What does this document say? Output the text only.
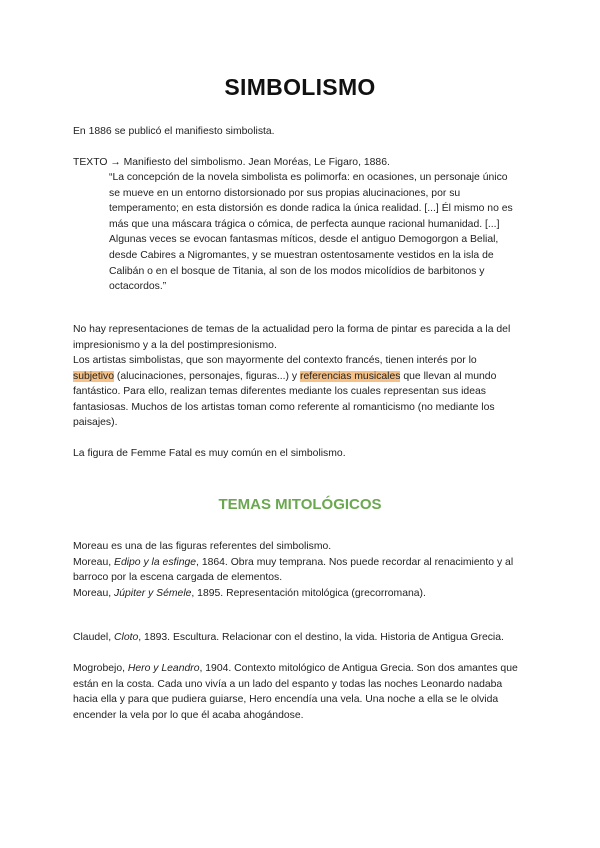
SIMBOLISMO

En 1886 se publicó el manifiesto simbolista.

TEXTO → Manifiesto del simbolismo. Jean Moréas, Le Figaro, 1886.

“La concepción de la novela simbolista es polimorfa: en ocasiones, un personaje único
se mueve en un entorno distorsionado por sus propias alucinaciones, por su
temperamento; en esta distorsión es donde radica la única realidad. [...] Él mismo no es
más que una máscara trágica o cómica, de perfecta aunque racional humanidad. [...]
Algunas veces se evocan fantasmas míticos, desde el antiguo Demogorgon a Belial,
desde Cabires a Nigromantes, y se muestran ostentosamente vestidos en la isla de
Calibán o en el bosque de Titania, al son de los modos micolídios de barbitonos y
octacordos.”
No hay representaciones de temas de la actualidad pero la forma de pintar es parecida a la del
impresionismo y a la del postimpresionismo.
Los artistas simbolistas, que son mayormente del contexto francés, tienen interés por lo
subjetivo (alucinaciones, personajes, figuras...) y referencias musicales que llevan al mundo
fantástico. Para ello, realizan temas diferentes mediante los cuales representan sus ideas
fantasiosas. Muchos de los artistas toman como referente al romanticismo (no mediante los
paisajes).

La figura de Femme Fatal es muy común en el simbolismo.

TEMAS MITOLÓGICOS
Moreau es una de las figuras referentes del simbolismo.
Moreau, Edipo y la esfinge, 1864. Obra muy temprana. Nos puede recordar al renacimiento y al
barroco por la escena cargada de elementos.
Moreau, Júpiter y Sémele, 1895. Representación mitológica (grecorromana).

Claudel, Cloto, 1893. Escultura. Relacionar con el destino, la vida. Historia de Antigua Grecia.

Mogrobejo, Hero y Leandro, 1904. Contexto mitológico de Antigua Grecia. Son dos amantes que
están en la costa. Cada uno vivía a un lado del espanto y todas las noches Leonardo nadaba
hacia ella y para que pudiera guiarse, Hero encendía una vela. Una noche a ella se le olvida
encender la vela por lo que él acaba ahogándose.
